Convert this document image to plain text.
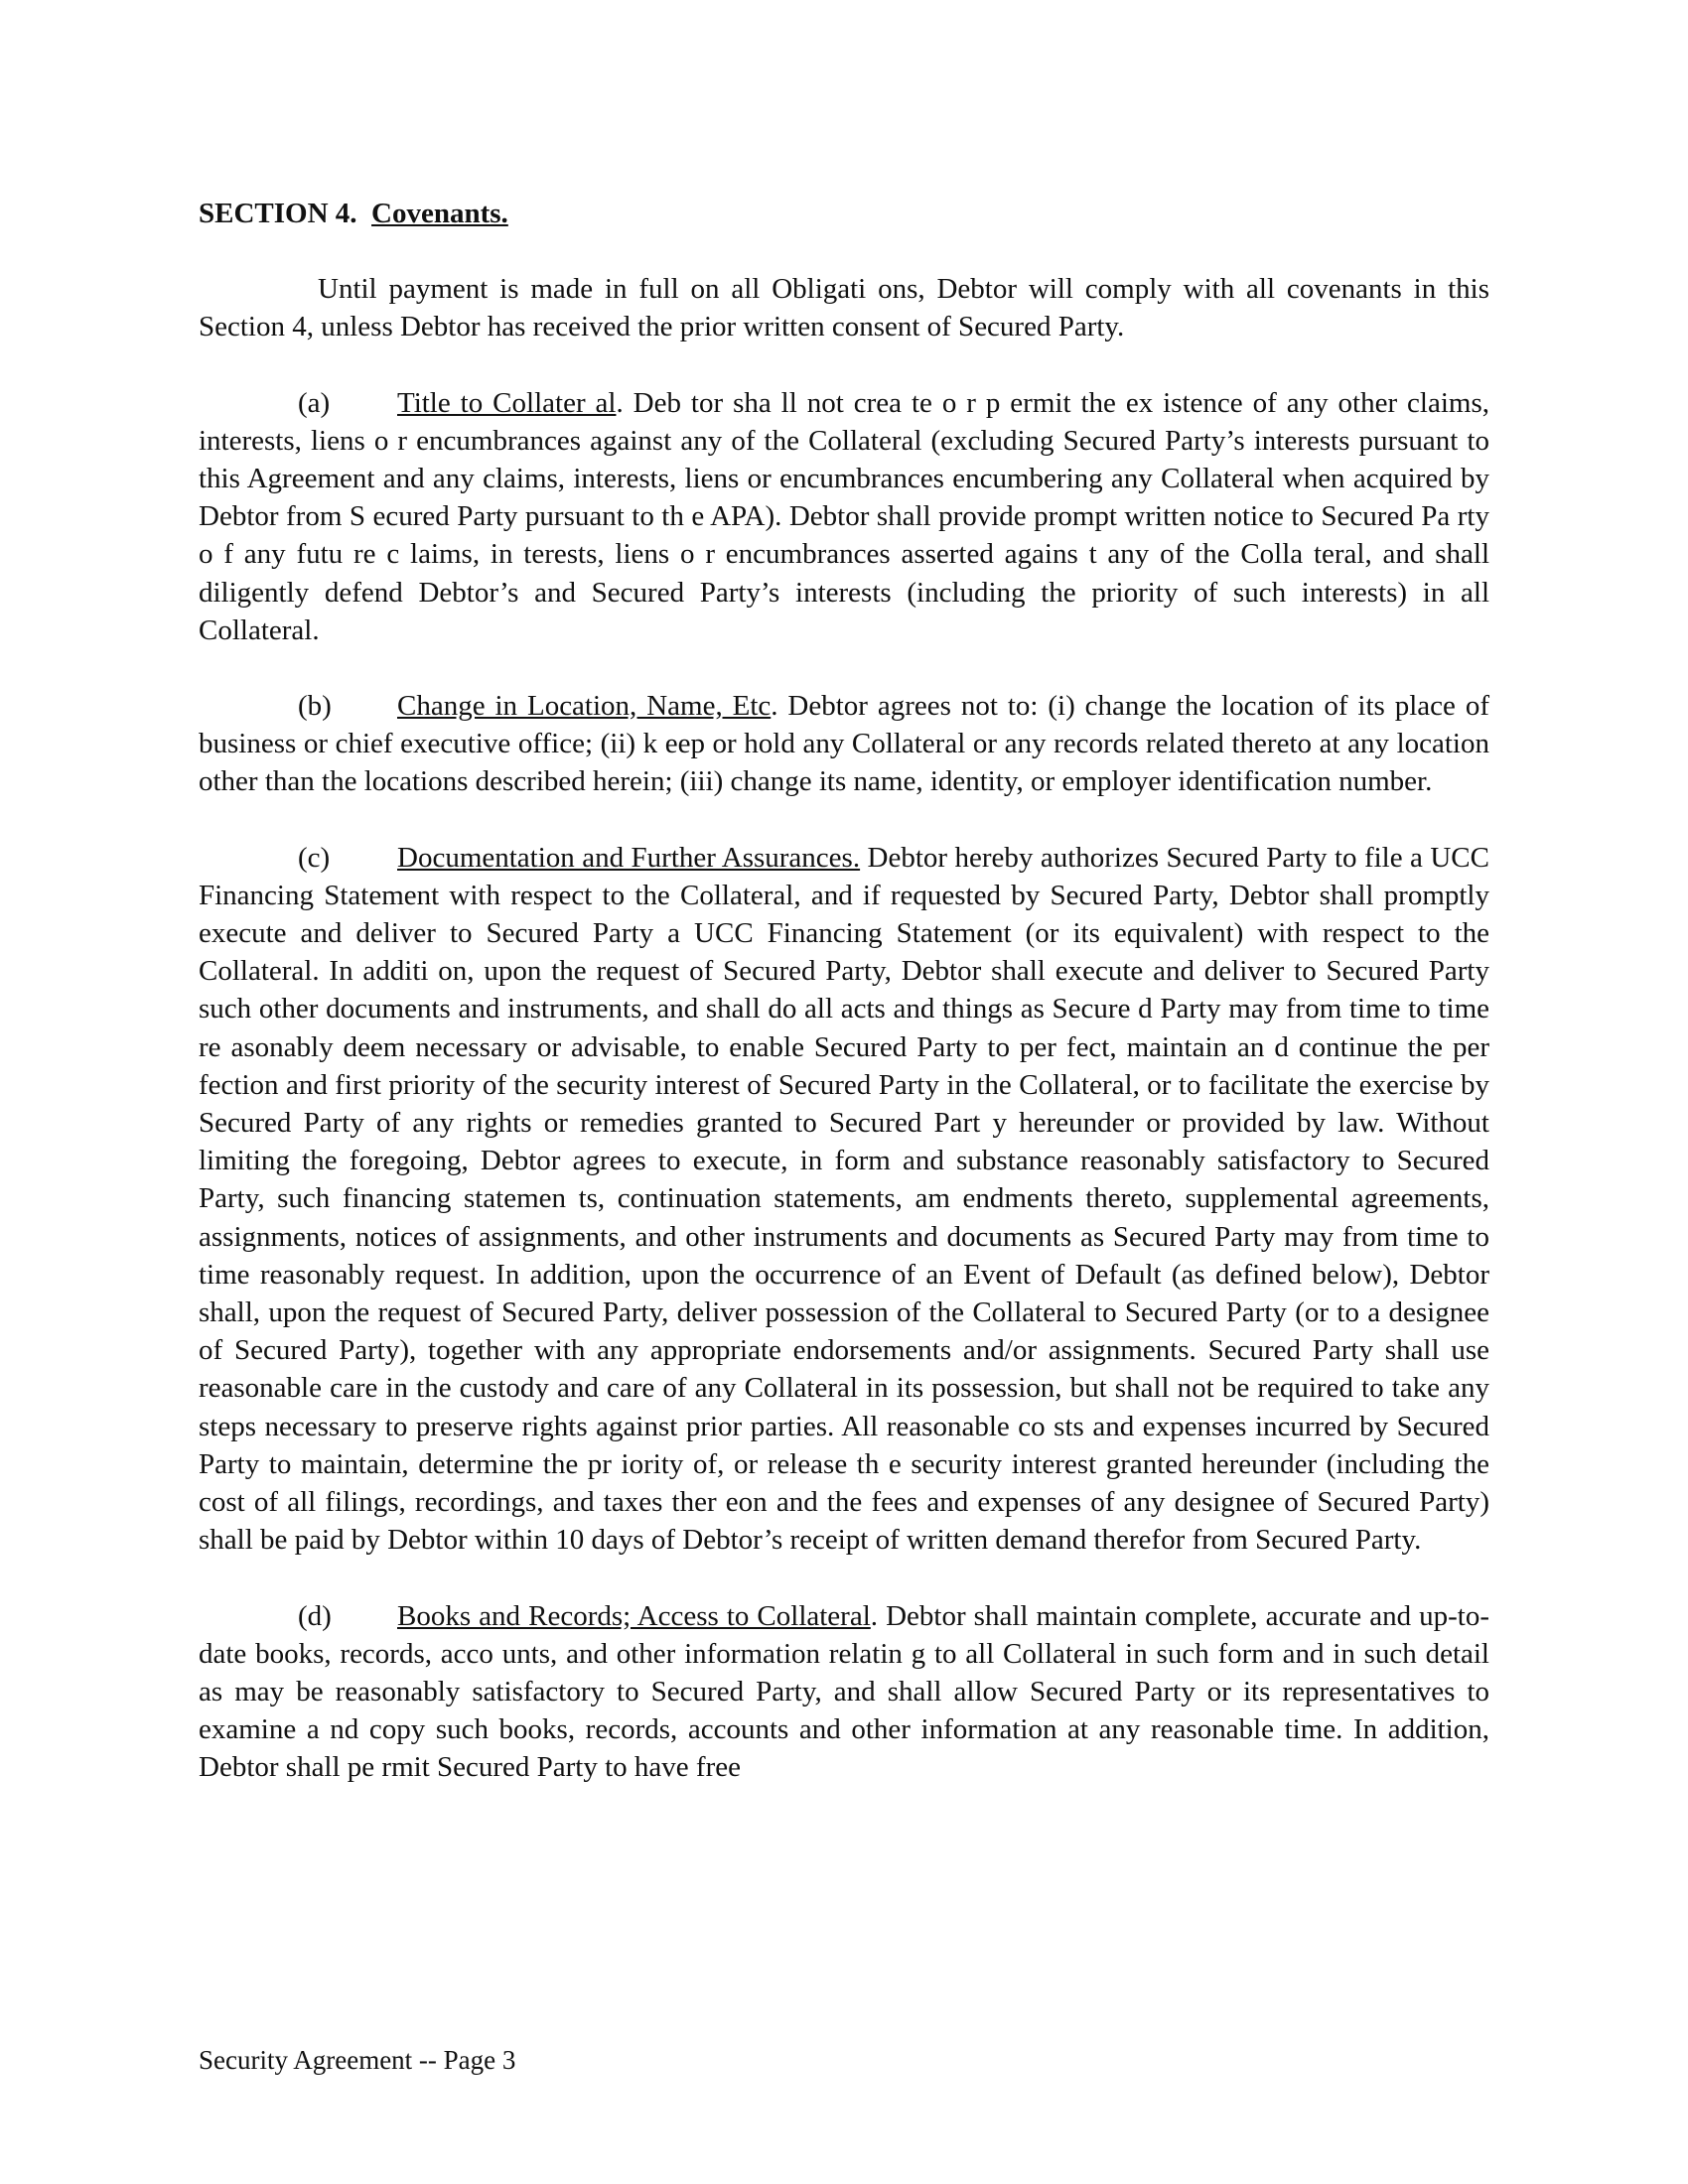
SECTION 4. Covenants.

Until payment is made in full on all Obligati ons, Debtor will comply with all covenants in this Section 4, unless Debtor has received the prior written consent of Secured Party.

(a) Title to Collater al. Deb tor sha ll not crea te o r p ermit the ex istence of any other claims, interests, liens o r encumbrances against any of the Collateral (excluding Secured Party’s interests pursuant to this Agreement and any claims, interests, liens or encumbrances encumbering any Collateral when acquired by Debtor from S ecured Party pursuant to th e APA). Debtor shall provide prompt written notice to Secured Pa rty o f any futu re c laims, in terests, liens o r encumbrances asserted agains t any of the Colla teral, and shall diligently defend Debtor’s and Secured Party’s interests (including the priority of such interests) in all Collateral.

(b) Change in Location, Name, Etc. Debtor agrees not to: (i) change the location of its place of business or chief executive office; (ii) k eep or hold any Collateral or any records related thereto at any location other than the locations described herein; (iii) change its name, identity, or employer identification number.

(c) Documentation and Further Assurances. Debtor hereby authorizes Secured Party to file a UCC Financing Statement with respect to the Collateral, and if requested by Secured Party, Debtor shall promptly execute and deliver to Secured Party a UCC Financing Statement (or its equivalent) with respect to the Collateral. In additi on, upon the request of Secured Party, Debtor shall execute and deliver to Secured Party such other documents and instruments, and shall do all acts and things as Secure d Party may from time to time re asonably deem necessary or advisable, to enable Secured Party to per fect, maintain an d continue the per fection and first priority of the security interest of Secured Party in the Collateral, or to facilitate the exercise by Secured Party of any rights or remedies granted to Secured Part y hereunder or provided by law. Without limiting the foregoing, Debtor agrees to execute, in form and substance reasonably satisfactory to Secured Party, such financing statemen ts, continuation statements, am endments thereto, supplemental agreements, assignments, notices of assignments, and other instruments and documents as Secured Party may from time to time reasonably request. In addition, upon the occurrence of an Event of Default (as defined below), Debtor shall, upon the request of Secured Party, deliver possession of the Collateral to Secured Party (or to a designee of Secured Party), together with any appropriate endorsements and/or assignments. Secured Party shall use reasonable care in the custody and care of any Collateral in its possession, but shall not be required to take any steps necessary to preserve rights against prior parties. All reasonable co sts and expenses incurred by Secured Party to maintain, determine the pr iority of, or release th e security interest granted hereunder (including the cost of all filings, recordings, and taxes ther eon and the fees and expenses of any designee of Secured Party) shall be paid by Debtor within 10 days of Debtor’s receipt of written demand therefor from Secured Party.

(d) Books and Records; Access to Collateral. Debtor shall maintain complete, accurate and up-to-date books, records, acco unts, and other information relatin g to all Collateral in such form and in such detail as may be reasonably satisfactory to Secured Party, and shall allow Secured Party or its representatives to examine a nd copy such books, records, accounts and other information at any reasonable time. In addition, Debtor shall pe rmit Secured Party to have free

Security Agreement -- Page 3
